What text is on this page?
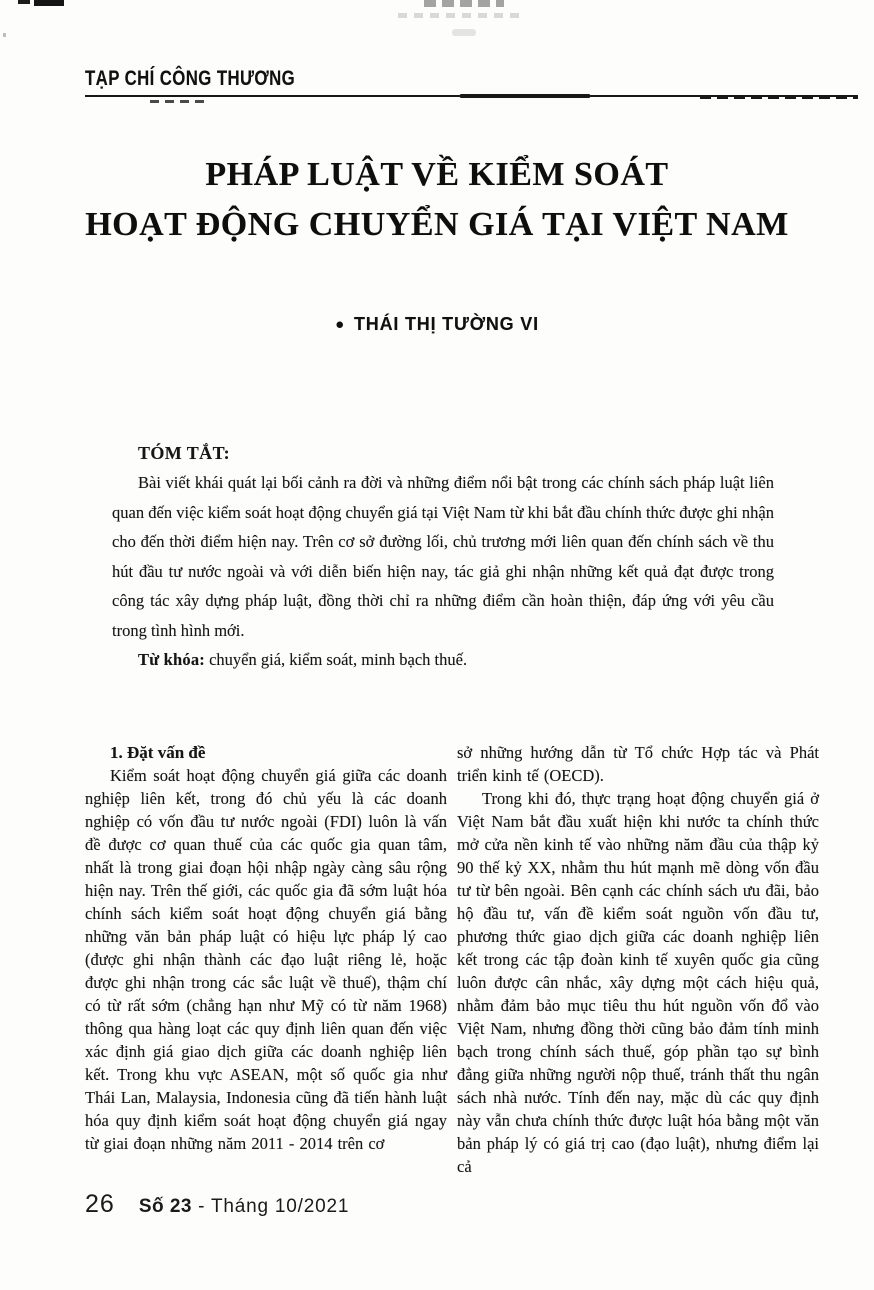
TẠP CHÍ CÔNG THƯƠNG
PHÁP LUẬT VỀ KIỂM SOÁT
HOẠT ĐỘNG CHUYỂN GIÁ TẠI VIỆT NAM
● THÁI THỊ TƯỜNG VI
TÓM TẮT:

Bài viết khái quát lại bối cảnh ra đời và những điểm nổi bật trong các chính sách pháp luật liên quan đến việc kiểm soát hoạt động chuyển giá tại Việt Nam từ khi bắt đầu chính thức được ghi nhận cho đến thời điểm hiện nay. Trên cơ sở đường lối, chủ trương mới liên quan đến chính sách về thu hút đầu tư nước ngoài và với diễn biến hiện nay, tác giả ghi nhận những kết quả đạt được trong công tác xây dựng pháp luật, đồng thời chỉ ra những điểm cần hoàn thiện, đáp ứng với yêu cầu trong tình hình mới.

Từ khóa: chuyển giá, kiểm soát, minh bạch thuế.

1. Đặt vấn đề

Kiểm soát hoạt động chuyển giá giữa các doanh nghiệp liên kết, trong đó chủ yếu là các doanh nghiệp có vốn đầu tư nước ngoài (FDI) luôn là vấn đề được cơ quan thuế của các quốc gia quan tâm, nhất là trong giai đoạn hội nhập ngày càng sâu rộng hiện nay. Trên thế giới, các quốc gia đã sớm luật hóa chính sách kiểm soát hoạt động chuyển giá bằng những văn bản pháp luật có hiệu lực pháp lý cao (được ghi nhận thành các đạo luật riêng lẻ, hoặc được ghi nhận trong các sắc luật về thuế), thậm chí có từ rất sớm (chẳng hạn như Mỹ có từ năm 1968) thông qua hàng loạt các quy định liên quan đến việc xác định giá giao dịch giữa các doanh nghiệp liên kết. Trong khu vực ASEAN, một số quốc gia như Thái Lan, Malaysia, Indonesia cũng đã tiến hành luật hóa quy định kiểm soát hoạt động chuyển giá ngay từ giai đoạn những năm 2011 - 2014 trên cơ

sở những hướng dẫn từ Tổ chức Hợp tác và Phát triển kinh tế (OECD).

Trong khi đó, thực trạng hoạt động chuyển giá ở Việt Nam bắt đầu xuất hiện khi nước ta chính thức mở cửa nền kinh tế vào những năm đầu của thập kỷ 90 thế kỷ XX, nhằm thu hút mạnh mẽ dòng vốn đầu tư từ bên ngoài. Bên cạnh các chính sách ưu đãi, bảo hộ đầu tư, vấn đề kiểm soát nguồn vốn đầu tư, phương thức giao dịch giữa các doanh nghiệp liên kết trong các tập đoàn kinh tế xuyên quốc gia cũng luôn được cân nhắc, xây dựng một cách hiệu quả, nhằm đảm bảo mục tiêu thu hút nguồn vốn đổ vào Việt Nam, nhưng đồng thời cũng bảo đảm tính minh bạch trong chính sách thuế, góp phần tạo sự bình đẳng giữa những người nộp thuế, tránh thất thu ngân sách nhà nước. Tính đến nay, mặc dù các quy định này vẫn chưa chính thức được luật hóa bằng một văn bản pháp lý có giá trị cao (đạo luật), nhưng điểm lại cả

26 Số 23 - Tháng 10/2021
